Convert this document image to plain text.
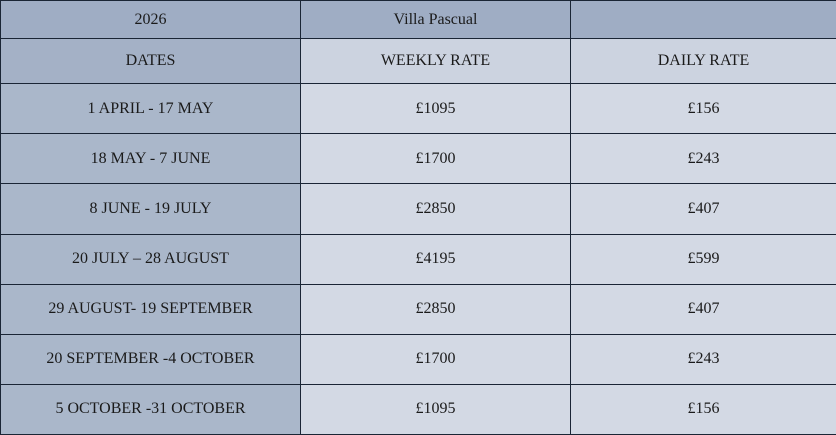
2026	Villa Pascual	
DATES	WEEKLY RATE	DAILY RATE
1 APRIL - 17 MAY	£1095	£156
18 MAY - 7 JUNE	£1700	£243
8 JUNE - 19 JULY	£2850	£407
20 JULY – 28 AUGUST	£4195	£599
29 AUGUST- 19 SEPTEMBER	£2850	£407
20 SEPTEMBER -4 OCTOBER	£1700	£243
5 OCTOBER -31 OCTOBER	£1095	£156
